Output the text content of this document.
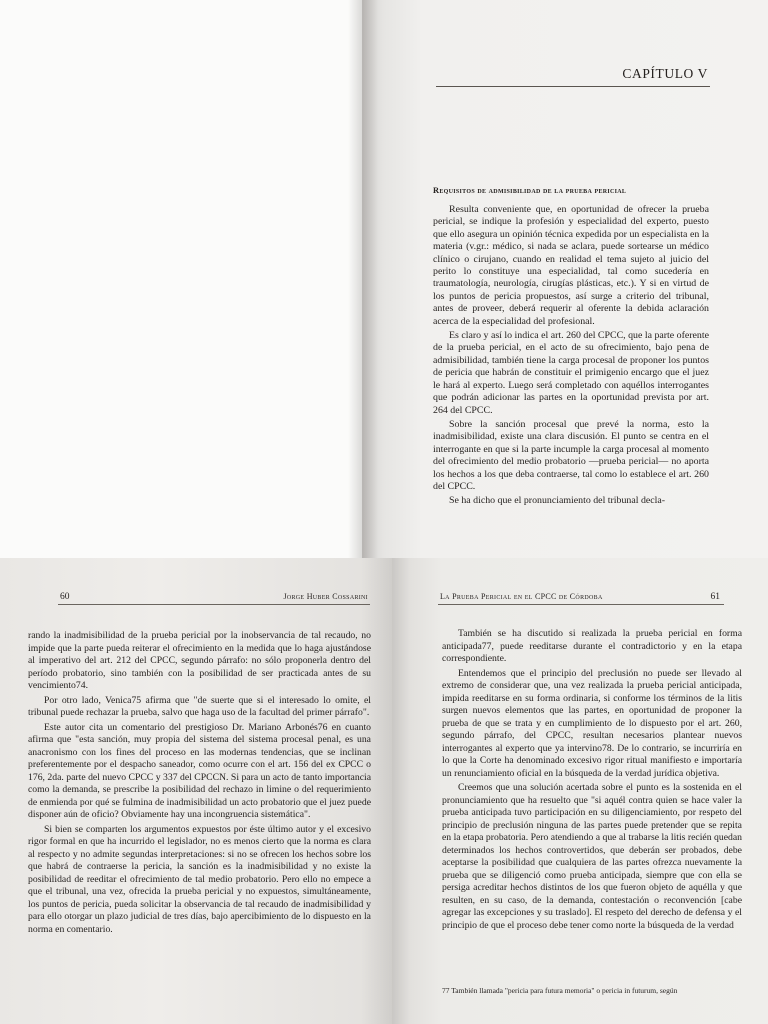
CAPÍTULO V
Requisitos de admisibilidad de la prueba pericial

Resulta conveniente que, en oportunidad de ofrecer la prueba pericial, se indique la profesión y especialidad del experto, puesto que ello asegura un opinión técnica expedida por un especialista en la materia (v.gr.: médico, si nada se aclara, puede sortearse un médico clínico o cirujano, cuando en realidad el tema sujeto al juicio del perito lo constituye una especialidad, tal como sucedería en traumatología, neurología, cirugías plásticas, etc.). Y si en virtud de los puntos de pericia propuestos, así surge a criterio del tribunal, antes de proveer, deberá requerir al oferente la debida aclaración acerca de la especialidad del profesional.

Es claro y así lo indica el art. 260 del CPCC, que la parte oferente de la prueba pericial, en el acto de su ofrecimiento, bajo pena de admisibilidad, también tiene la carga procesal de proponer los puntos de pericia que habrán de constituir el primigenio encargo que el juez le hará al experto. Luego será completado con aquéllos interrogantes que podrán adicionar las partes en la oportunidad prevista por art. 264 del CPCC.

Sobre la sanción procesal que prevé la norma, esto la inadmisibilidad, existe una clara discusión. El punto se centra en el interrogante en que si la parte incumple la carga procesal al momento del ofrecimiento del medio probatorio —prueba pericial— no aporta los hechos a los que deba contraerse, tal como lo establece el art. 260 del CPCC.

Se ha dicho que el pronunciamiento del tribunal decla-

60	Jorge Huber Cossarini

rando la inadmisibilidad de la prueba pericial por la inobservancia de tal recaudo, no impide que la parte pueda reiterar el ofrecimiento en la medida que lo haga ajustándose al imperativo del art. 212 del CPCC, segundo párrafo: no sólo proponerla dentro del período probatorio, sino también con la posibilidad de ser practicada antes de su vencimiento74.

Por otro lado, Venica75 afirma que "de suerte que si el interesado lo omite, el tribunal puede rechazar la prueba, salvo que haga uso de la facultad del primer párrafo".

Este autor cita un comentario del prestigioso Dr. Mariano Arbonés76 en cuanto afirma que "esta sanción, muy propia del sistema del sistema procesal penal, es una anacronismo con los fines del proceso en las modernas tendencias, que se inclinan preferentemente por el despacho saneador, como ocurre con el art. 156 del ex CPCC o 176, 2da. parte del nuevo CPCC y 337 del CPCCN. Si para un acto de tanto importancia como la demanda, se prescribe la posibilidad del rechazo in limine o del requerimiento de enmienda por qué se fulmina de inadmisibilidad un acto probatorio que el juez puede disponer aún de oficio? Obviamente hay una incongruencia sistemática".

Si bien se comparten los argumentos expuestos por éste último autor y el excesivo rigor formal en que ha incurrido el legislador, no es menos cierto que la norma es clara al respecto y no admite segundas interpretaciones: si no se ofrecen los hechos sobre los que habrá de contraerse la pericia, la sanción es la inadmisibilidad y no existe la posibilidad de reeditar el ofrecimiento de tal medio probatorio. Pero ello no empece a que el tribunal, una vez, ofrecida la prueba pericial y no expuestos, simultáneamente, los puntos de pericia, pueda solicitar la observancia de tal recaudo de inadmisibilidad y para ello otorgar un plazo judicial de tres días, bajo apercibimiento de lo dispuesto en la norma en comentario.

La Prueba Pericial en el CPCC de Córdoba	61

También se ha discutido si realizada la prueba pericial en forma anticipada77, puede reeditarse durante el contradictorio y en la etapa correspondiente.

Entendemos que el principio del preclusión no puede ser llevado al extremo de considerar que, una vez realizada la prueba pericial anticipada, impida reeditarse en su forma ordinaria, si conforme los términos de la litis surgen nuevos elementos que las partes, en oportunidad de proponer la prueba de que se trata y en cumplimiento de lo dispuesto por el art. 260, segundo párrafo, del CPCC, resultan necesarios plantear nuevos interrogantes al experto que ya intervino78. De lo contrario, se incurriría en lo que la Corte ha denominado excesivo rigor ritual manifiesto e importaría un renunciamiento oficial en la búsqueda de la verdad jurídica objetiva.

Creemos que una solución acertada sobre el punto es la sostenida en el pronunciamiento que ha resuelto que "si aquél contra quien se hace valer la prueba anticipada tuvo participación en su diligenciamiento, por respeto del principio de preclusión ninguna de las partes puede pretender que se repita en la etapa probatoria. Pero atendiendo a que al trabarse la litis recién quedan determinados los hechos controvertidos, que deberán ser probados, debe aceptarse la posibilidad que cualquiera de las partes ofrezca nuevamente la prueba que se diligenció como prueba anticipada, siempre que con ella se persiga acreditar hechos distintos de los que fueron objeto de aquélla y que resulten, en su caso, de la demanda, contestación o reconvención [cabe agregar las excepciones y su traslado]. El respeto del derecho de defensa y el principio de que el proceso debe tener como norte la búsqueda de la verdad

77 También llamada "pericia para futura memoria" o pericia in futurum, según
